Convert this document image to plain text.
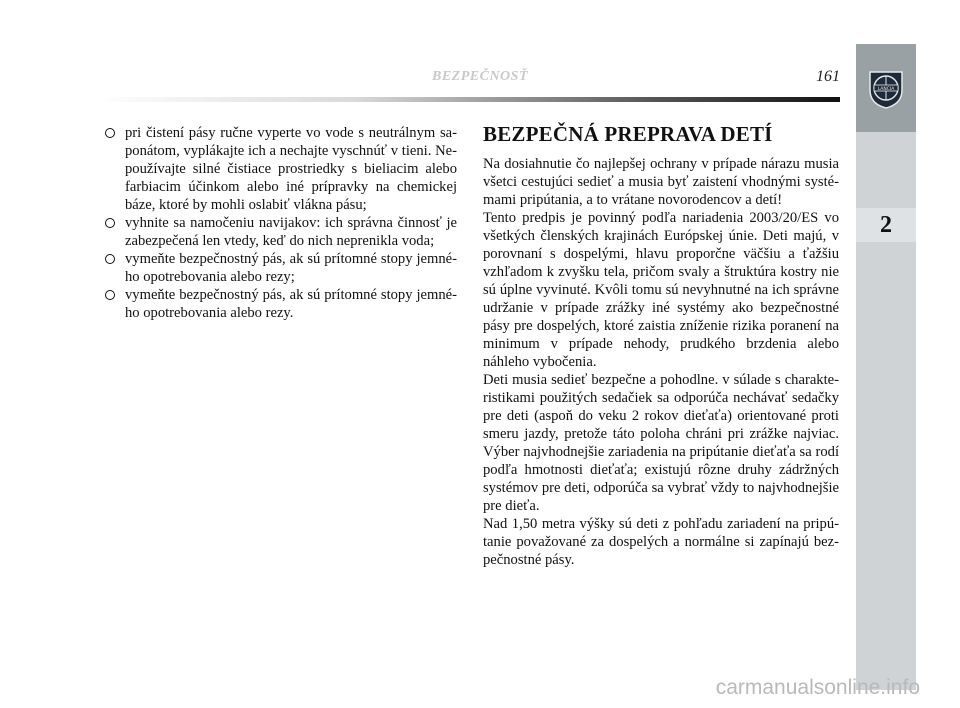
BEZPEČNOSŤ	161
LANCIA
2
pri čistení pásy ručne vyperte vo vode s neutrálnym saponátom, vyplákajte ich a nechajte vyschnúť v tieni. Nepoužívajte silné čistiace prostriedky s bieliacim alebo farbiacim účinkom alebo iné prípravky na chemickej báze, ktoré by mohli oslabiť vlákna pásu;
vyhnite sa namočeniu navijakov: ich správna činnosť je zabezpečená len vtedy, keď do nich neprenikla voda;
vymeňte bezpečnostný pás, ak sú prítomné stopy jemného opotrebovania alebo rezy;
vymeňte bezpečnostný pás, ak sú prítomné stopy jemného opotrebovania alebo rezy.
BEZPEČNÁ PREPRAVA DETÍ

Na dosiahnutie čo najlepšej ochrany v prípade nárazu musia všetci cestujúci sedieť a musia byť zaistení vhodnými systémami pripútania, a to vrátane novorodencov a detí!

Tento predpis je povinný podľa nariadenia 2003/20/ES vo všetkých členských krajinách Európskej únie. Deti majú, v porovnaní s dospelými, hlavu proporčne väčšiu a ťažšiu vzhľadom k zvyšku tela, pričom svaly a štruktúra kostry nie sú úplne vyvinuté. Kvôli tomu sú nevyhnutné na ich správne udržanie v prípade zrážky iné systémy ako bezpečnostné pásy pre dospelých, ktoré zaistia zníženie rizika poranení na minimum v prípade nehody, prudkého brzdenia alebo náhleho vybočenia.

Deti musia sedieť bezpečne a pohodlne. v súlade s charakteristikami použitých sedačiek sa odporúča nechávať sedačky pre deti (aspoň do veku 2 rokov dieťaťa) orientované proti smeru jazdy, pretože táto poloha chráni pri zrážke najviac. Výber najvhodnejšie zariadenia na pripútanie dieťaťa sa rodí podľa hmotnosti dieťaťa; existujú rôzne druhy zádržných systémov pre deti, odporúča sa vybrať vždy to najvhodnejšie pre dieťa.

Nad 1,50 metra výšky sú deti z pohľadu zariadení na pripútanie považované za dospelých a normálne si zapínajú bezpečnostné pásy.

carmanualsonline.info
